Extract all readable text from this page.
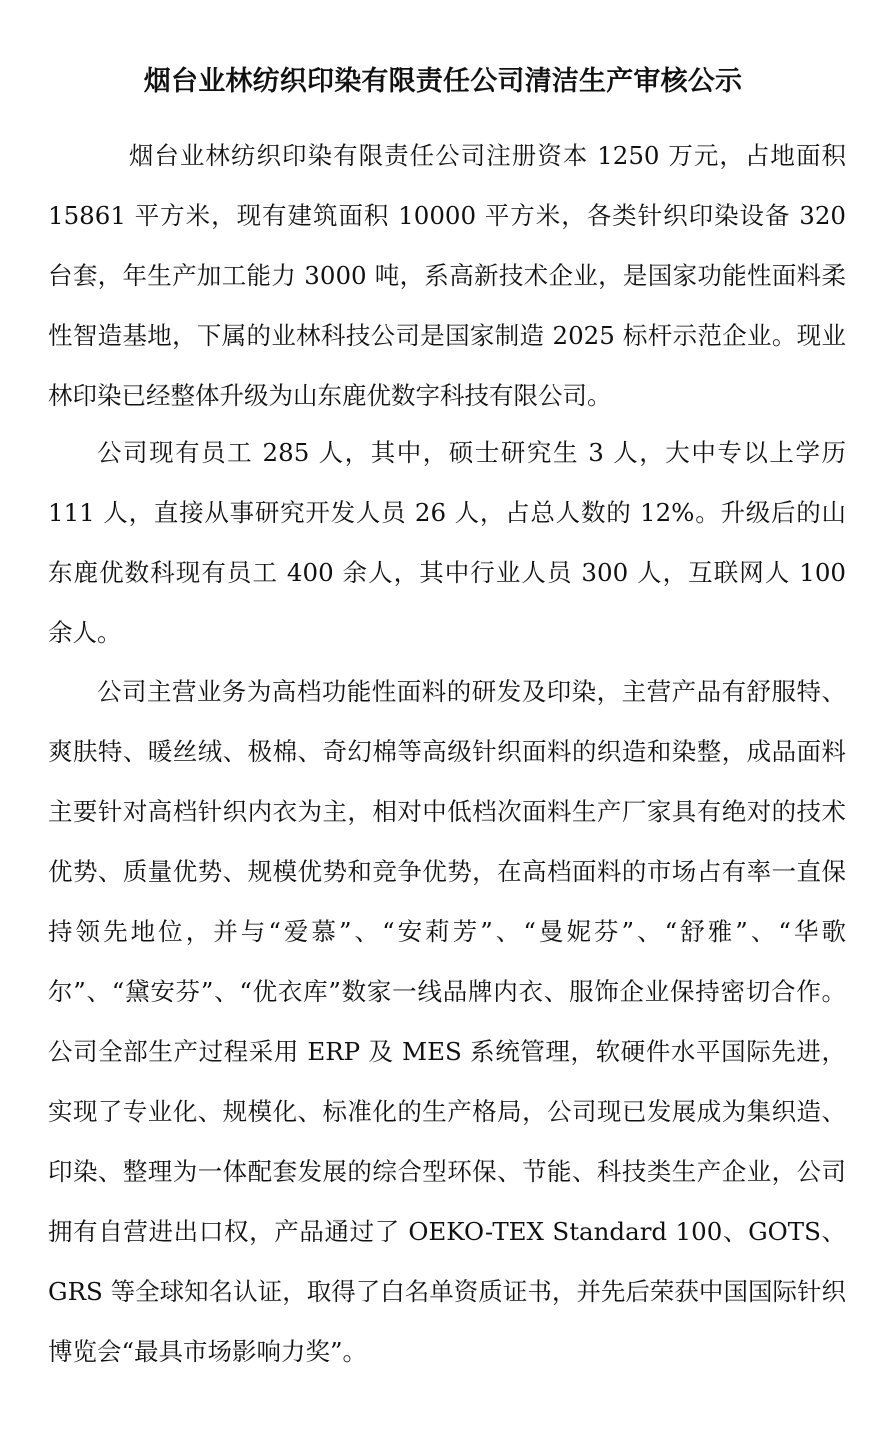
烟台业林纺织印染有限责任公司清洁生产审核公示

烟台业林纺织印染有限责任公司注册资本 1250 万元，占地面积 15861 平方米，现有建筑面积 10000 平方米，各类针织印染设备 320 台套，年生产加工能力 3000 吨，系高新技术企业，是国家功能性面料柔性智造基地，下属的业林科技公司是国家制造 2025 标杆示范企业。现业林印染已经整体升级为山东鹿优数字科技有限公司。

公司现有员工 285 人，其中，硕士研究生 3 人，大中专以上学历 111 人，直接从事研究开发人员 26 人，占总人数的 12%。升级后的山东鹿优数科现有员工 400 余人，其中行业人员 300 人，互联网人 100 余人。

公司主营业务为高档功能性面料的研发及印染，主营产品有舒服特、爽肤特、暖丝绒、极棉、奇幻棉等高级针织面料的织造和染整，成品面料主要针对高档针织内衣为主，相对中低档次面料生产厂家具有绝对的技术优势、质量优势、规模优势和竞争优势，在高档面料的市场占有率一直保持领先地位，并与“爱慕”、“安莉芳”、“曼妮芬”、“舒雅”、“华歌尔”、“黛安芬”、“优衣库”数家一线品牌内衣、服饰企业保持密切合作。 公司全部生产过程采用 ERP 及 MES 系统管理，软硬件水平国际先进，实现了专业化、规模化、标准化的生产格局，公司现已发展成为集织造、印染、整理为一体配套发展的综合型环保、节能、科技类生产企业，公司拥有自营进出口权，产品通过了 OEKO-TEX Standard 100、GOTS、GRS 等全球知名认证，取得了白名单资质证书，并先后荣获中国国际针织博览会“最具市场影响力奖”。
